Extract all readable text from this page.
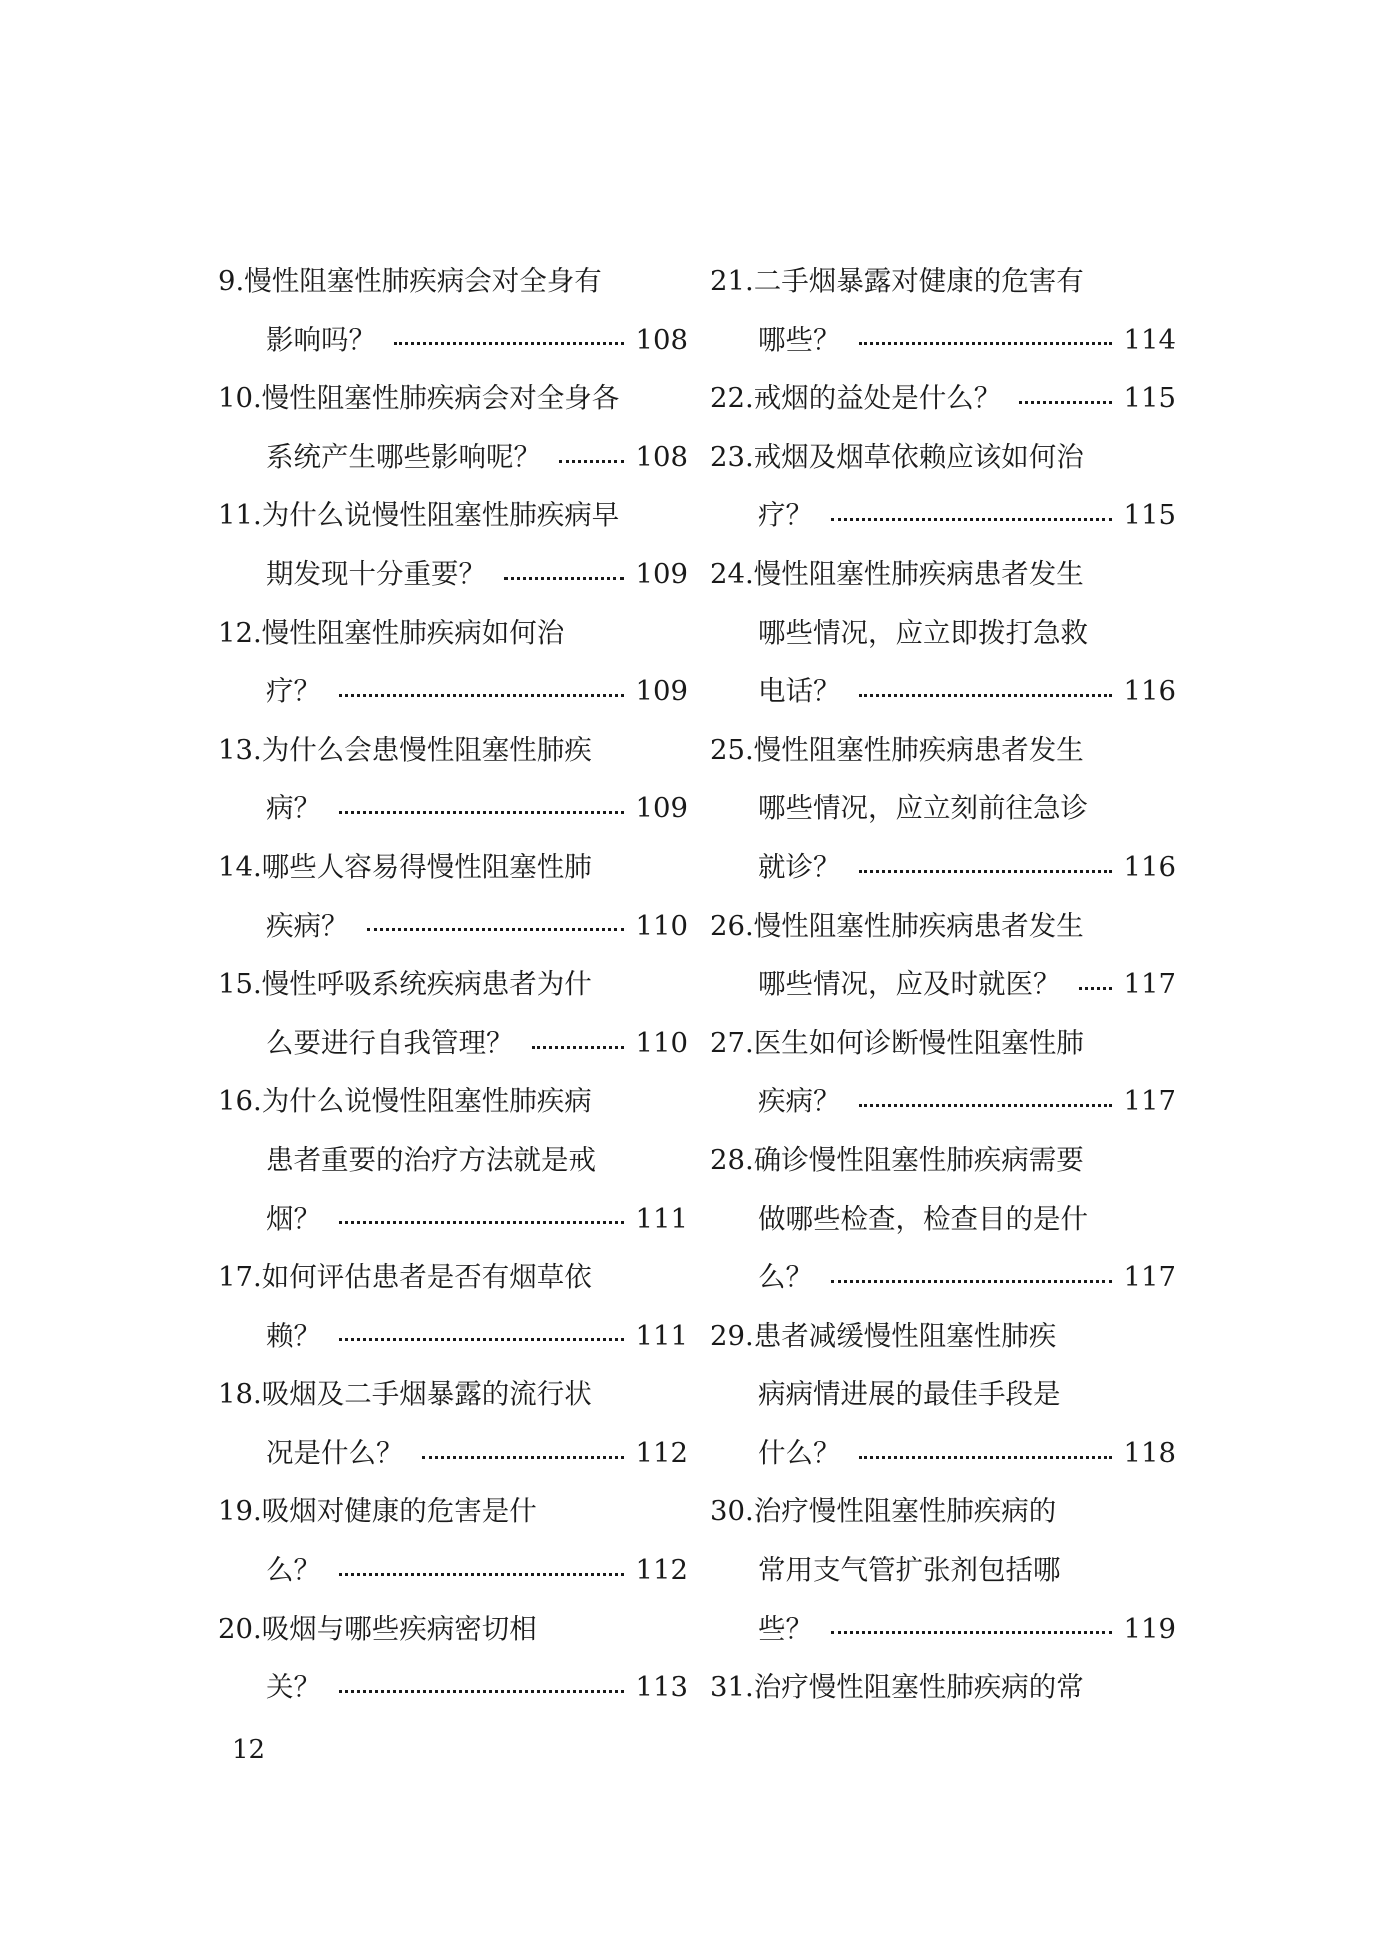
9. 慢性阻塞性肺疾病会对全身有
影响吗？	108
10. 慢性阻塞性肺疾病会对全身各
系统产生哪些影响呢？	108
11. 为什么说慢性阻塞性肺疾病早
期发现十分重要？	109
12. 慢性阻塞性肺疾病如何治
疗？	109
13. 为什么会患慢性阻塞性肺疾
病？	109
14. 哪些人容易得慢性阻塞性肺
疾病？	110
15. 慢性呼吸系统疾病患者为什
么要进行自我管理？	110
16. 为什么说慢性阻塞性肺疾病
患者重要的治疗方法就是戒
烟？	111
17. 如何评估患者是否有烟草依
赖？	111
18. 吸烟及二手烟暴露的流行状
况是什么？	112
19. 吸烟对健康的危害是什
么？	112
20. 吸烟与哪些疾病密切相
关？	113
21. 二手烟暴露对健康的危害有
哪些？	114
22. 戒烟的益处是什么？	115
23. 戒烟及烟草依赖应该如何治
疗？	115
24. 慢性阻塞性肺疾病患者发生
哪些情况，应立即拨打急救
电话？	116
25. 慢性阻塞性肺疾病患者发生
哪些情况，应立刻前往急诊
就诊？	116
26. 慢性阻塞性肺疾病患者发生
哪些情况，应及时就医？ 117
27. 医生如何诊断慢性阻塞性肺
疾病？	117
28. 确诊慢性阻塞性肺疾病需要
做哪些检查，检查目的是什
么？	117
29. 患者减缓慢性阻塞性肺疾
病病情进展的最佳手段是
什么？	118
30. 治疗慢性阻塞性肺疾病的
常用支气管扩张剂包括哪
些？	119
31. 治疗慢性阻塞性肺疾病的常
12
